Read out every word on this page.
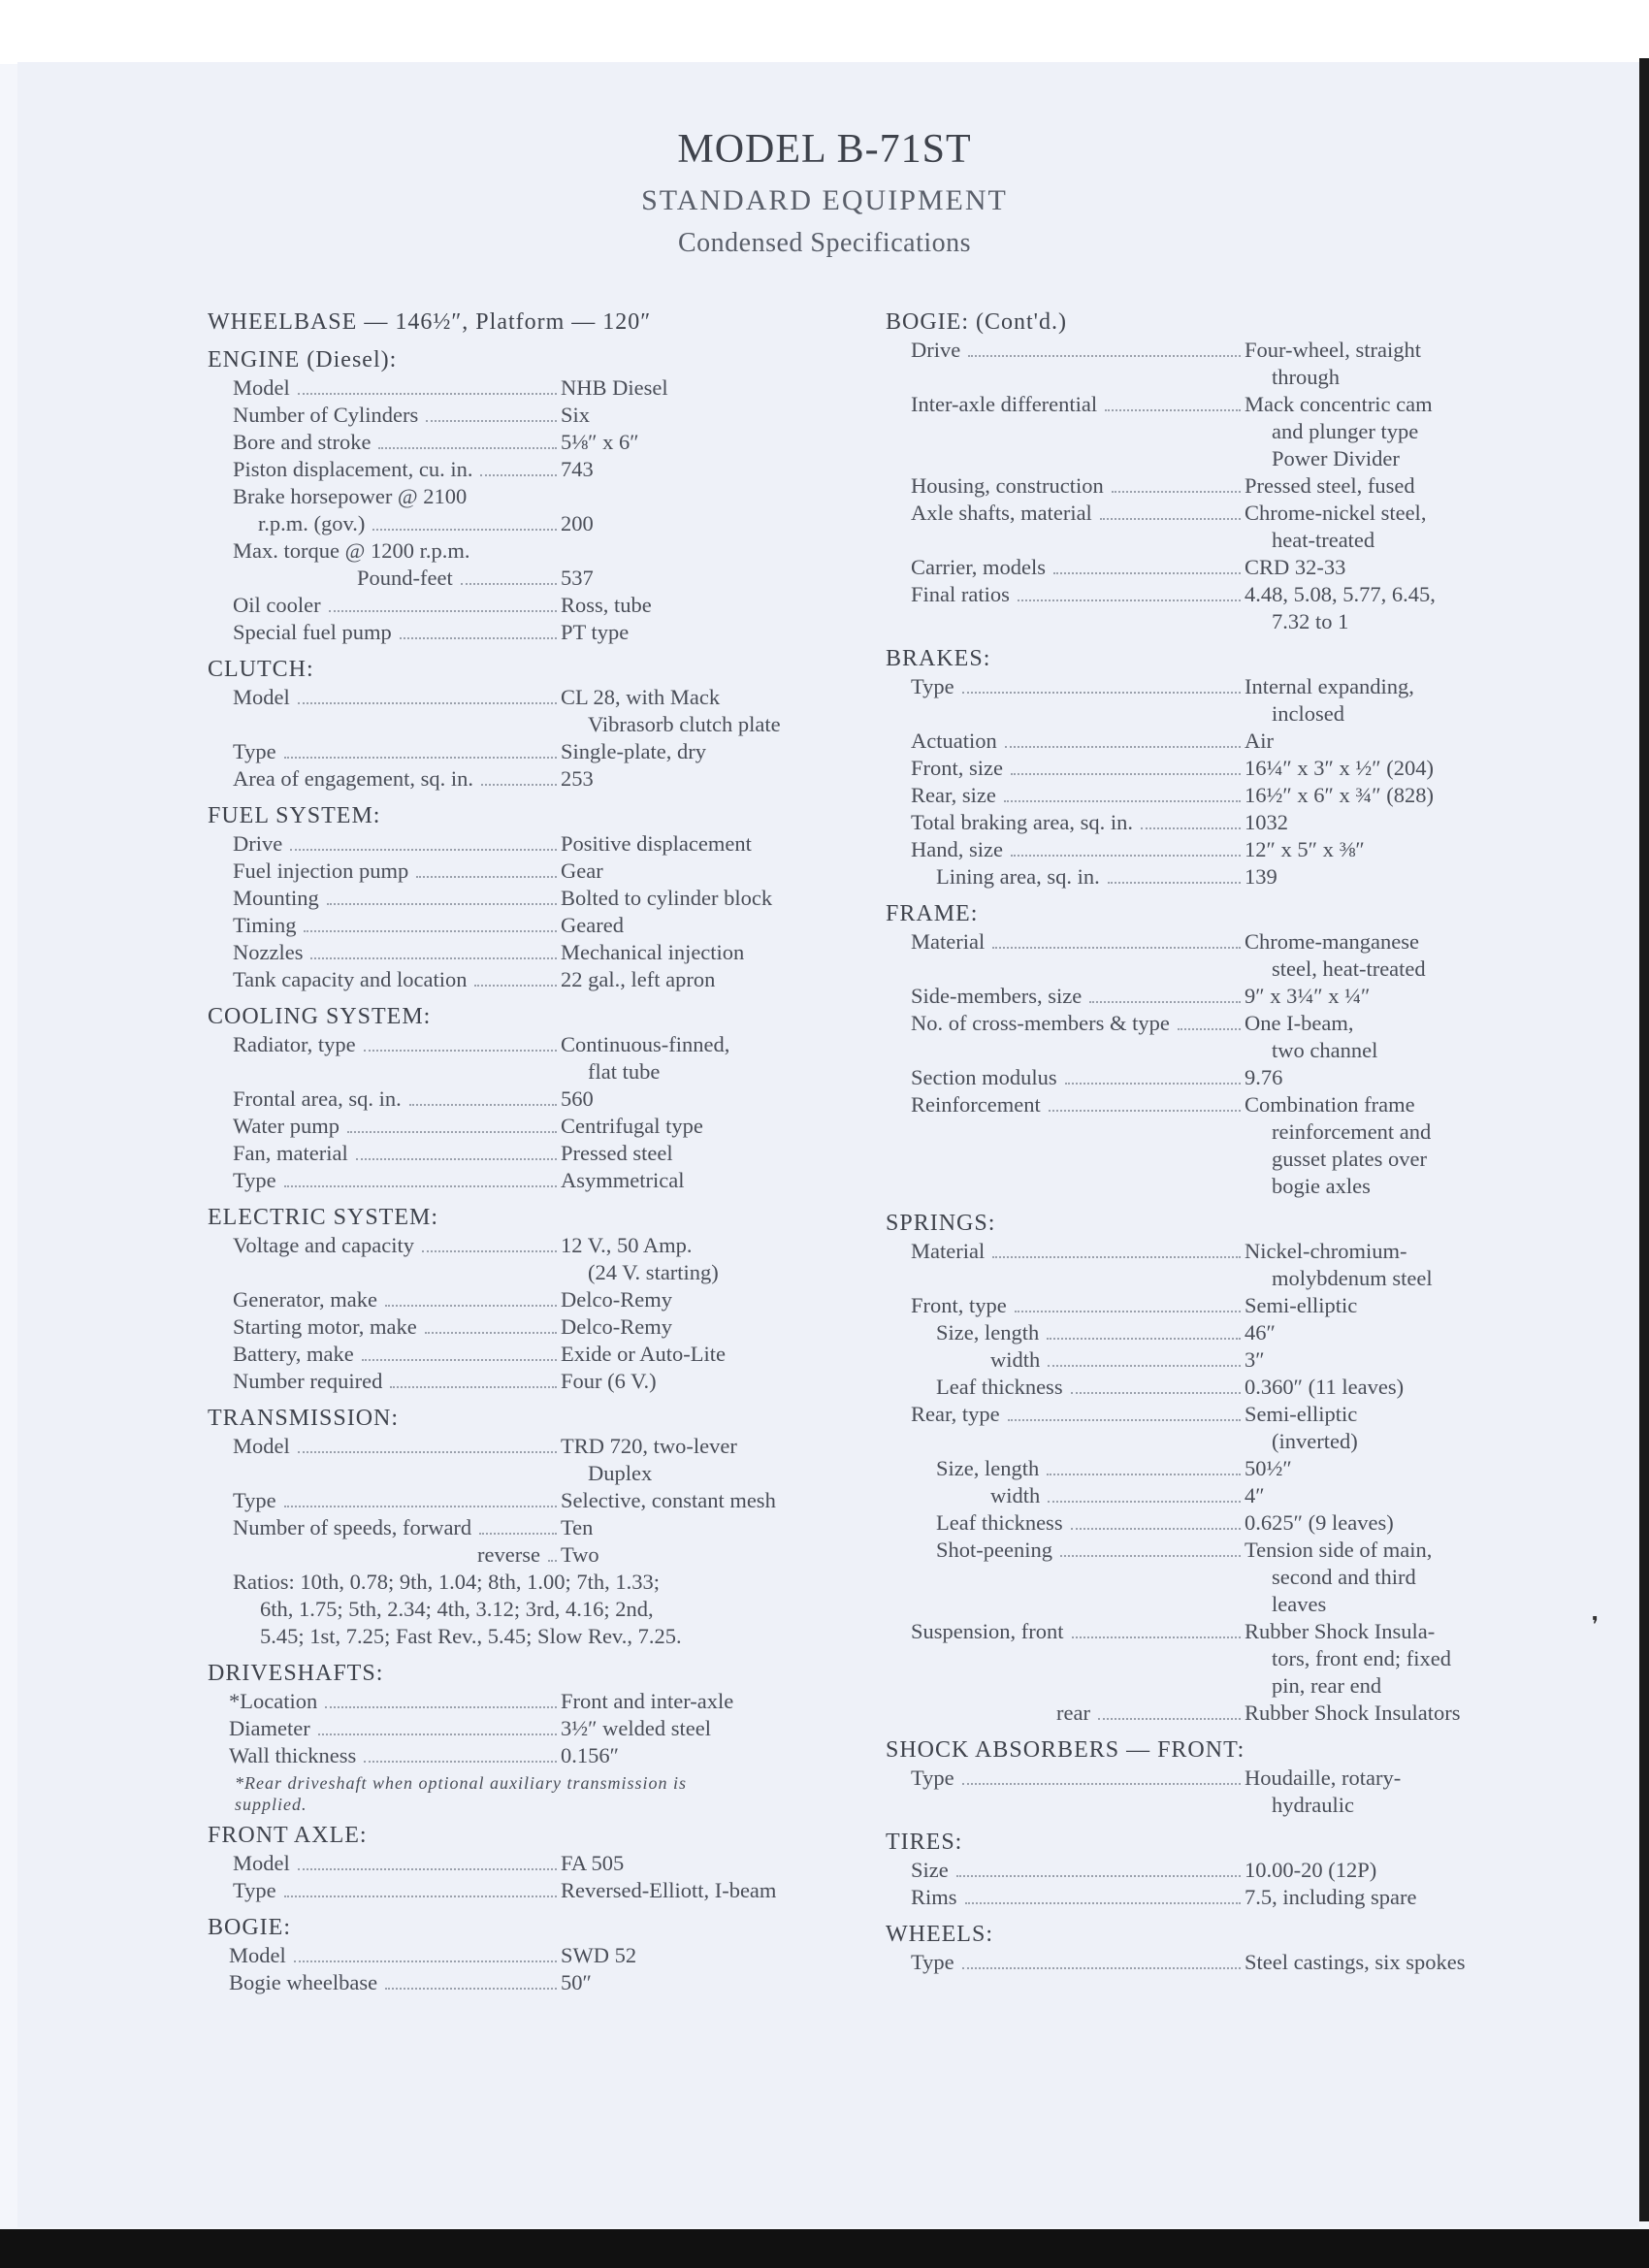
MODEL B-71ST
STANDARD EQUIPMENT
Condensed Specifications
WHEELBASE — 146½″, Platform — 120″
ENGINE (Diesel):
Model	NHB Diesel
Number of Cylinders	Six
Bore and stroke	5⅛″ x 6″
Piston displacement, cu. in.	743
Brake horsepower @ 2100
r.p.m. (gov.)	200
Max. torque @ 1200 r.p.m.
Pound-feet	537
Oil cooler	Ross, tube
Special fuel pump	PT type
CLUTCH:
Model	CL 28, with Mack
Vibrasorb clutch plate
Type	Single-plate, dry
Area of engagement, sq. in.	253
FUEL SYSTEM:
Drive	Positive displacement
Fuel injection pump	Gear
Mounting	Bolted to cylinder block
Timing	Geared
Nozzles	Mechanical injection
Tank capacity and location	22 gal., left apron
COOLING SYSTEM:
Radiator, type	Continuous-finned,
flat tube
Frontal area, sq. in.	560
Water pump	Centrifugal type
Fan, material	Pressed steel
Type	Asymmetrical
ELECTRIC SYSTEM:
Voltage and capacity	12 V., 50 Amp.
(24 V. starting)
Generator, make	Delco-Remy
Starting motor, make	Delco-Remy
Battery, make	Exide or Auto-Lite
Number required	Four (6 V.)
TRANSMISSION:
Model	TRD 720, two-lever
Duplex
Type	Selective, constant mesh
Number of speeds, forward	Ten
reverse Two
Ratios: 10th, 0.78; 9th, 1.04; 8th, 1.00; 7th, 1.33;
6th, 1.75; 5th, 2.34; 4th, 3.12; 3rd, 4.16; 2nd,
5.45; 1st, 7.25; Fast Rev., 5.45; Slow Rev., 7.25.
DRIVESHAFTS:
*Location	Front and inter-axle
Diameter	3½″ welded steel
Wall thickness	0.156″
*Rear driveshaft when optional auxiliary transmission is
supplied.
FRONT AXLE:
Model	FA 505
Type	Reversed-Elliott, I-beam
BOGIE:
Model	SWD 52
Bogie wheelbase	50″
BOGIE: (Cont'd.)
Drive	Four-wheel, straight
through
Inter-axle differential	Mack concentric cam
and plunger type
Power Divider
Housing, construction	Pressed steel, fused
Axle shafts, material	Chrome-nickel steel,
heat-treated
Carrier, models	CRD 32-33
Final ratios	4.48, 5.08, 5.77, 6.45,
7.32 to 1
BRAKES:
Type	Internal expanding,
inclosed
Actuation	Air
Front, size	16¼″ x 3″ x ½″ (204)
Rear, size	16½″ x 6″ x ¾″ (828)
Total braking area, sq. in.	1032
Hand, size	12″ x 5″ x ⅜″
Lining area, sq. in.	139
FRAME:
Material	Chrome-manganese
steel, heat-treated
Side-members, size	9″ x 3¼″ x ¼″
No. of cross-members & type	One I-beam,
two channel
Section modulus	9.76
Reinforcement	Combination frame
reinforcement and
gusset plates over
bogie axles
SPRINGS:
Material	Nickel-chromium-
molybdenum steel
Front, type	Semi-elliptic
Size, length	46″
width	3″
Leaf thickness	0.360″ (11 leaves)
Rear, type	Semi-elliptic
(inverted)
Size, length	50½″
width	4″
Leaf thickness	0.625″ (9 leaves)
Shot-peening	Tension side of main,
second and third
leaves
Suspension, front	Rubber Shock Insula-
tors, front end; fixed
pin, rear end
rear	Rubber Shock Insulators
SHOCK ABSORBERS — FRONT:
Type	Houdaille, rotary-
hydraulic
TIRES:
Size	10.00-20 (12P)
Rims	7.5, including spare
WHEELS:
Type	Steel castings, six spokes
❜
